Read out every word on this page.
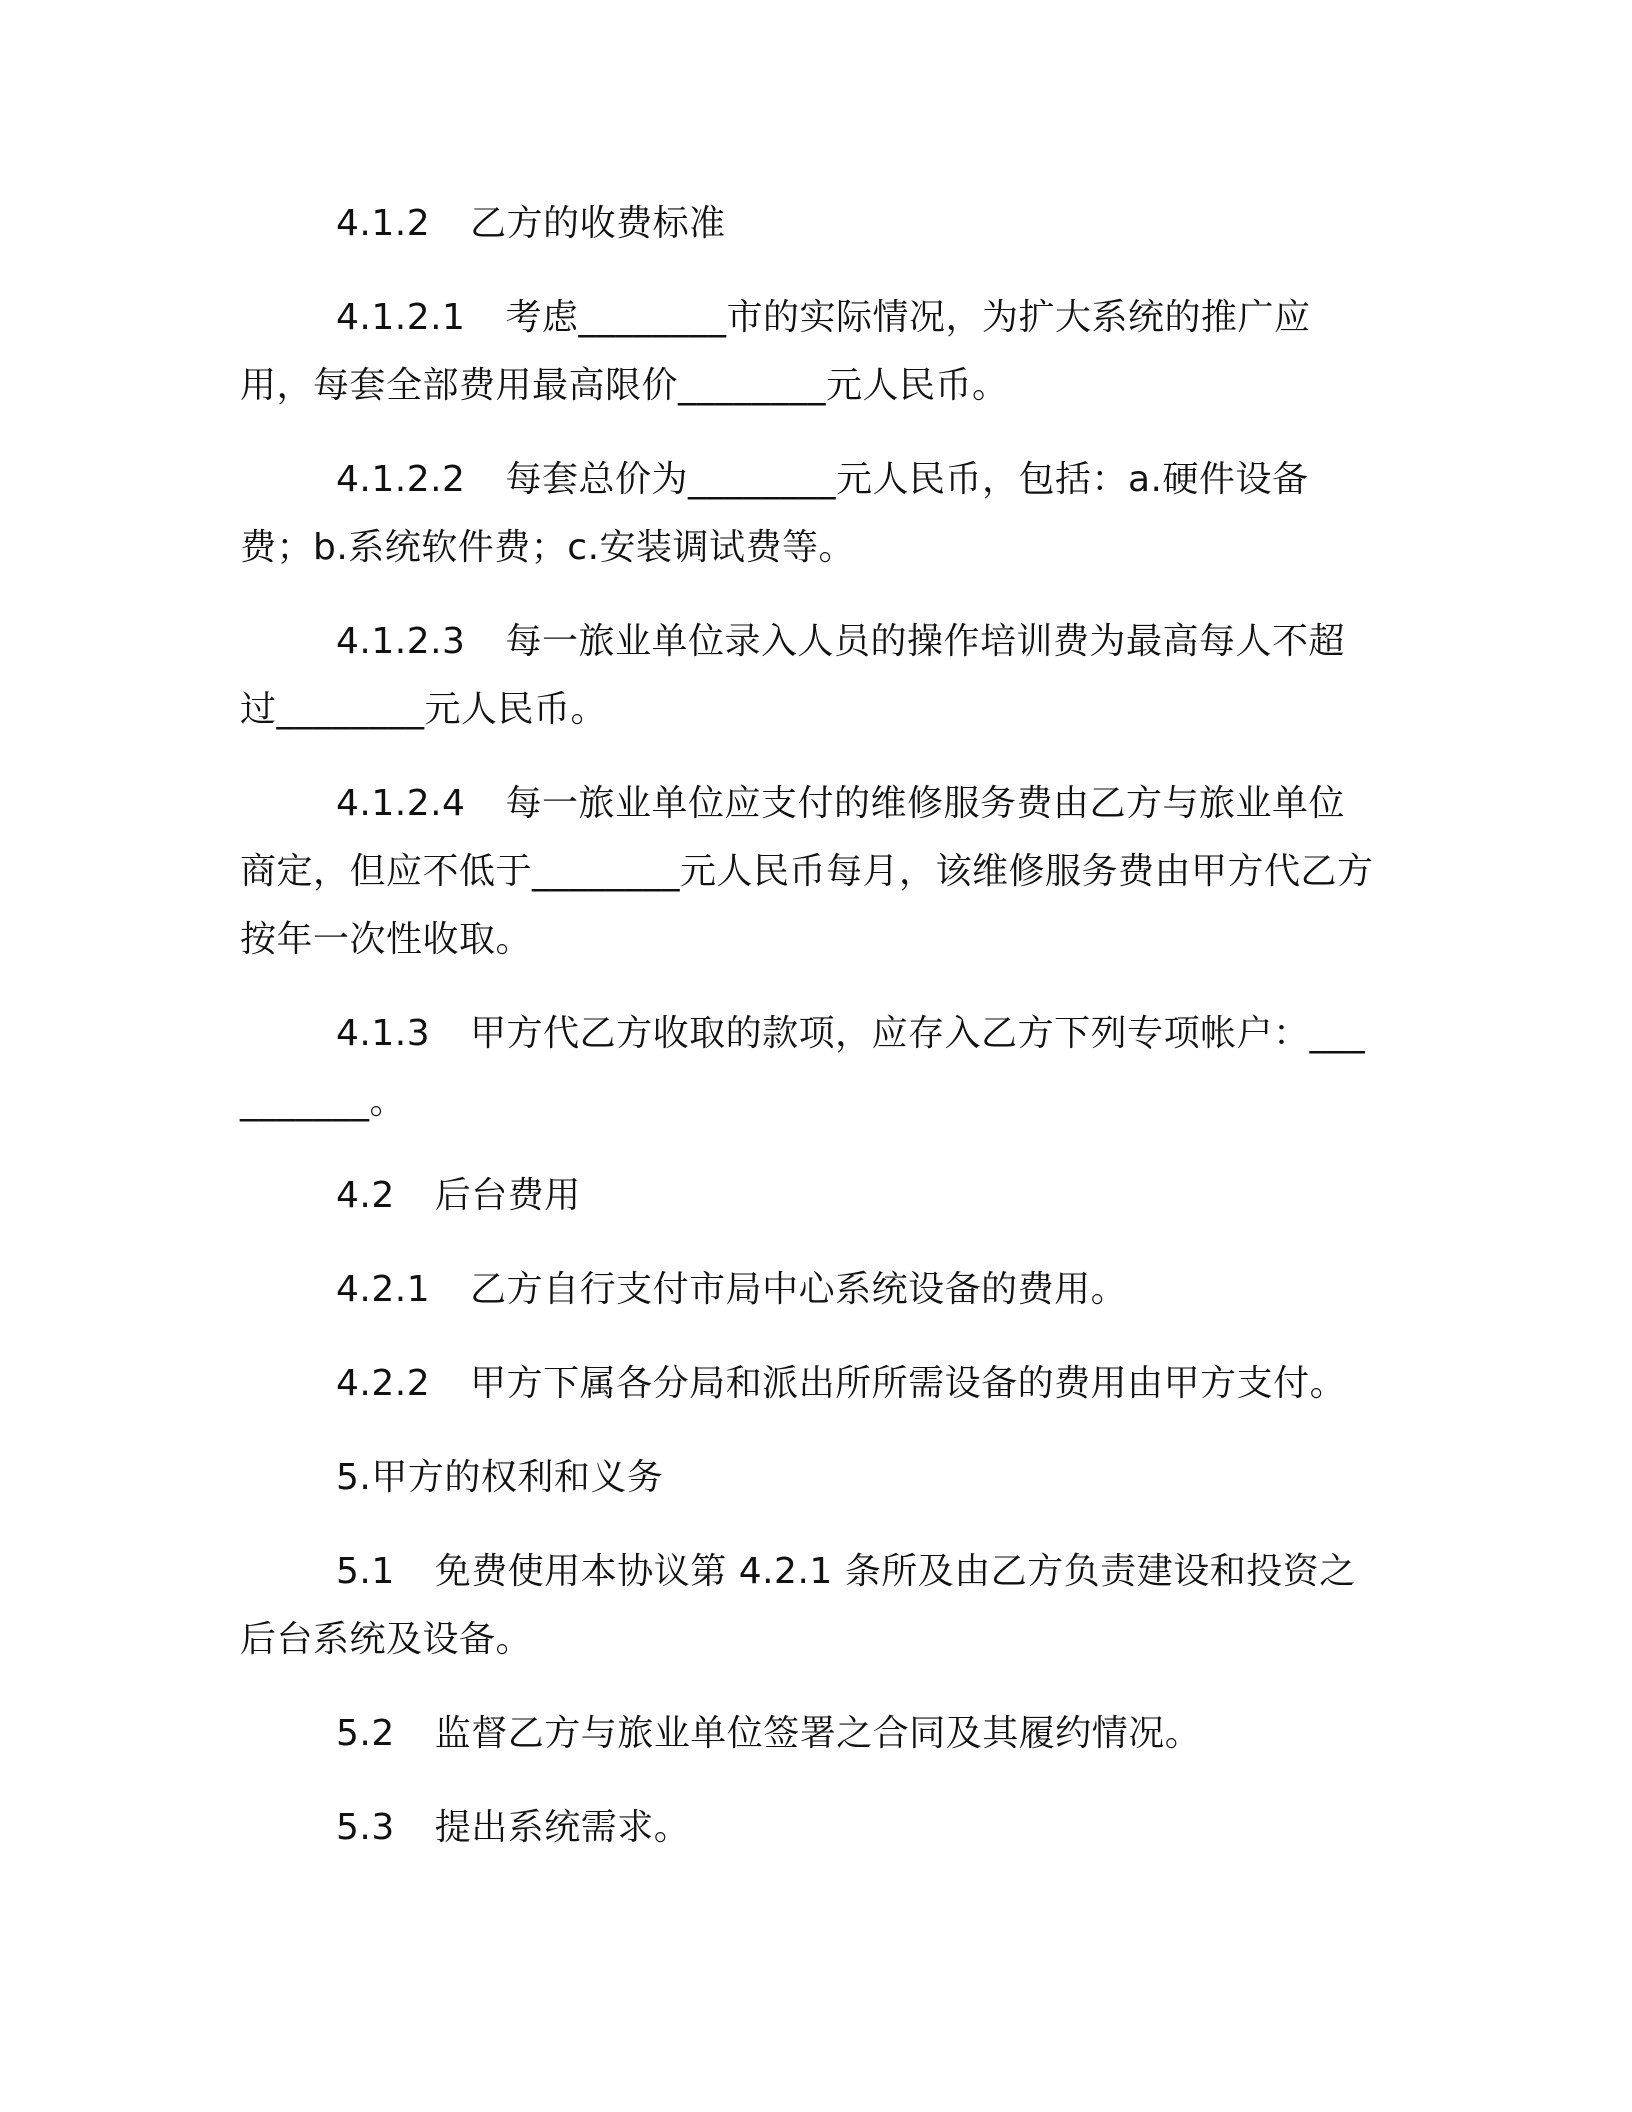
4.1.2 乙方的收费标准

4.1.2.1 考虑________市的实际情况，为扩大系统的推广应用，每套全部费用最高限价________元人民币。

4.1.2.2 每套总价为________元人民币，包括：a.硬件设备费；b.系统软件费；c.安装调试费等。

4.1.2.3 每一旅业单位录入人员的操作培训费为最高每人不超过________元人民币。

4.1.2.4 每一旅业单位应支付的维修服务费由乙方与旅业单位商定，但应不低于________元人民币每月，该维修服务费由甲方代乙方按年一次性收取。

4.1.3 甲方代乙方收取的款项，应存入乙方下列专项帐户：__________。

4.2 后台费用

4.2.1 乙方自行支付市局中心系统设备的费用。

4.2.2 甲方下属各分局和派出所所需设备的费用由甲方支付。

5.甲方的权利和义务

5.1 免费使用本协议第 4.2.1 条所及由乙方负责建设和投资之后台系统及设备。

5.2 监督乙方与旅业单位签署之合同及其履约情况。

5.3 提出系统需求。
